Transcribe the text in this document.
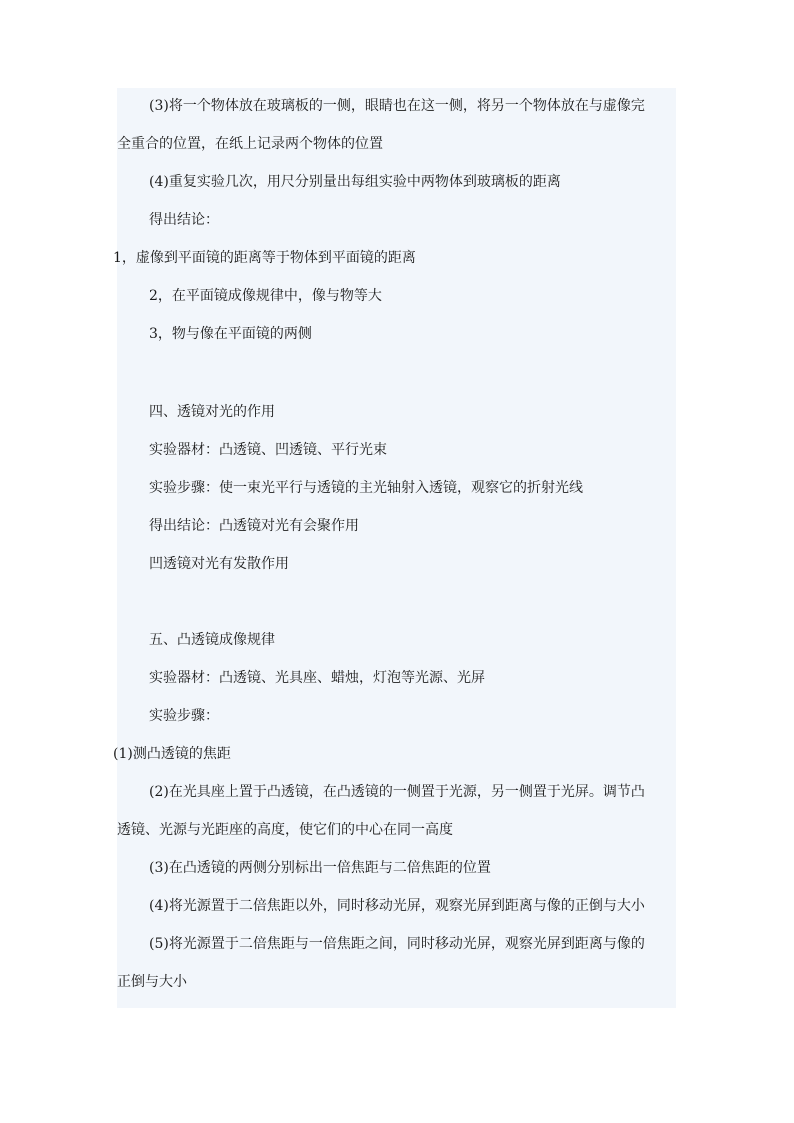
(3)将一个物体放在玻璃板的一侧，眼睛也在这一侧，将另一个物体放在与虚像完
全重合的位置，在纸上记录两个物体的位置
(4)重复实验几次，用尺分别量出每组实验中两物体到玻璃板的距离
得出结论：
1，虚像到平面镜的距离等于物体到平面镜的距离
2，在平面镜成像规律中，像与物等大
3，物与像在平面镜的两侧
四、透镜对光的作用
实验器材：凸透镜、凹透镜、平行光束
实验步骤：使一束光平行与透镜的主光轴射入透镜，观察它的折射光线
得出结论：凸透镜对光有会聚作用
凹透镜对光有发散作用
五、凸透镜成像规律
实验器材：凸透镜、光具座、蜡烛，灯泡等光源、光屏
实验步骤：
(1)测凸透镜的焦距
(2)在光具座上置于凸透镜，在凸透镜的一侧置于光源，另一侧置于光屏。调节凸
透镜、光源与光距座的高度，使它们的中心在同一高度
(3)在凸透镜的两侧分别标出一倍焦距与二倍焦距的位置
(4)将光源置于二倍焦距以外，同时移动光屏，观察光屏到距离与像的正倒与大小
(5)将光源置于二倍焦距与一倍焦距之间，同时移动光屏，观察光屏到距离与像的
正倒与大小
